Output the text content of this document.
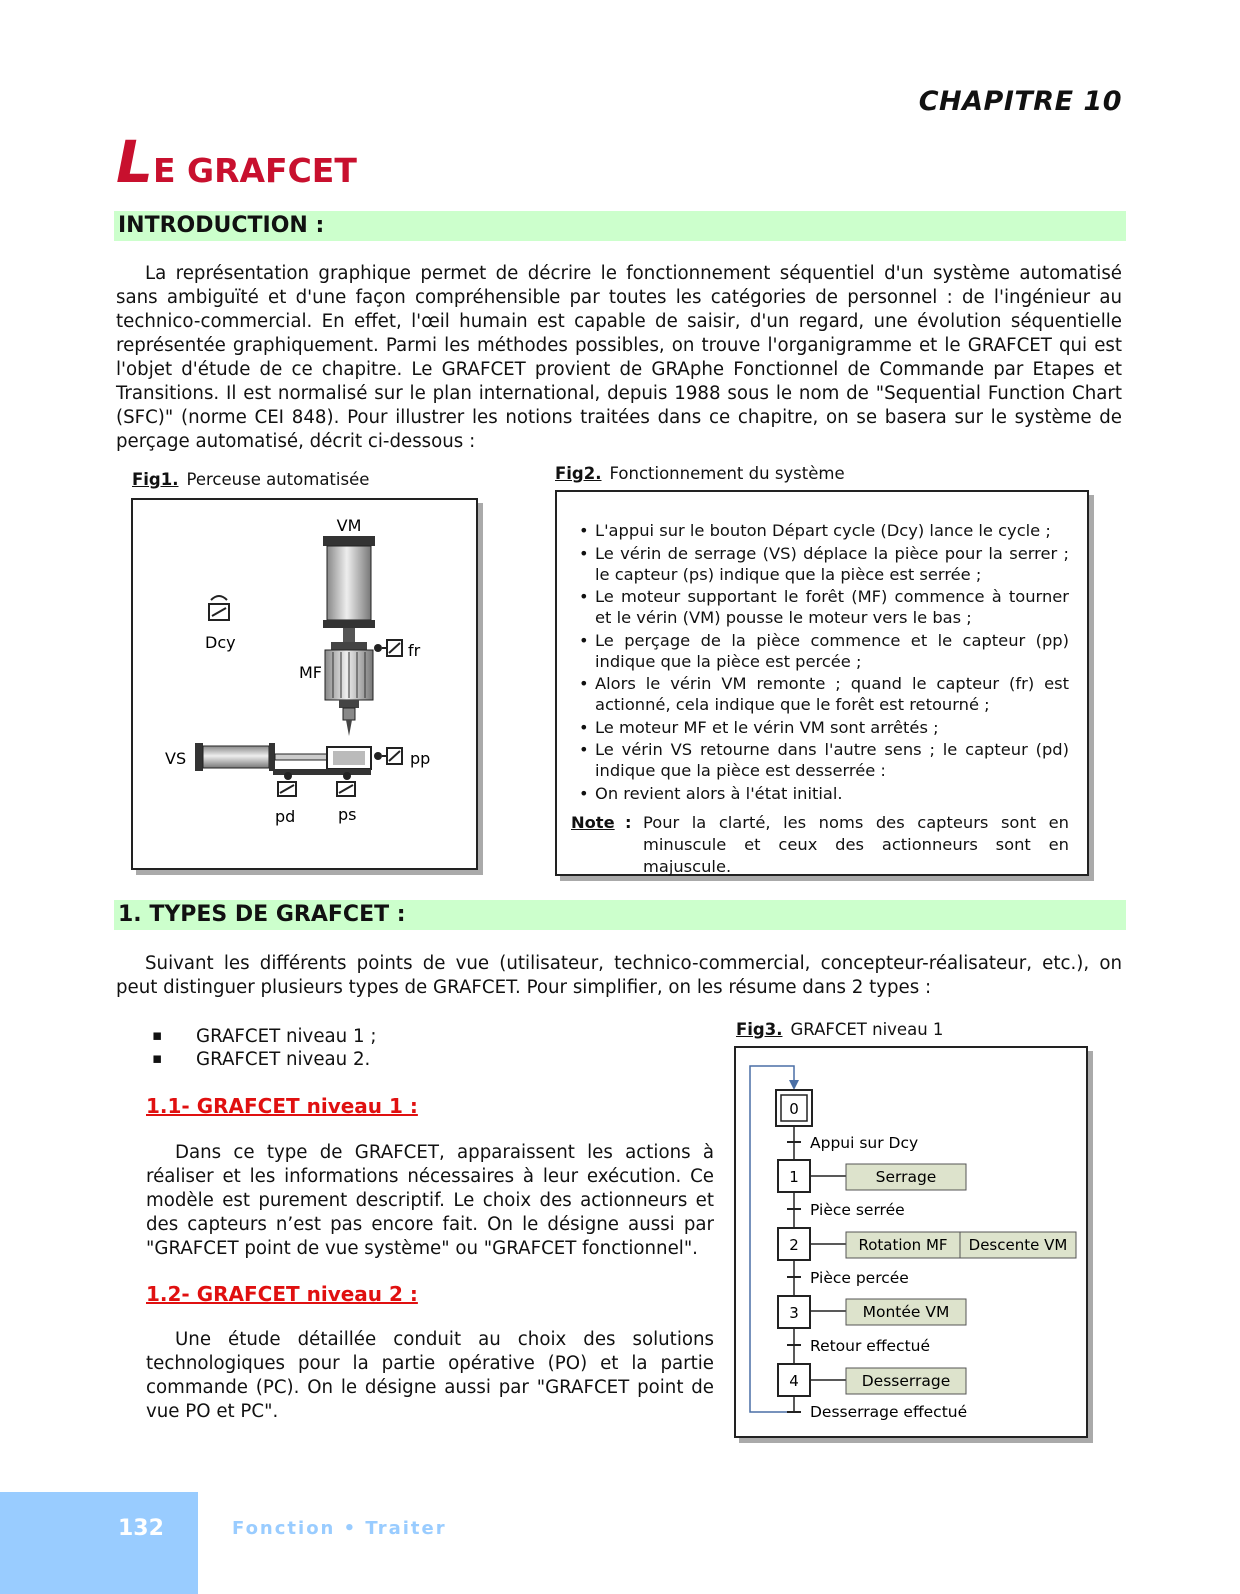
CHAPITRE 10
LE GRAFCET
INTRODUCTION :
La représentation graphique permet de décrire le fonctionnement séquentiel d'un système automatisé sans ambiguïté et d'une façon compréhensible par toutes les catégories de personnel : de l'ingénieur au technico-commercial. En effet, l'œil humain est capable de saisir, d'un regard, une évolution séquentielle représentée graphiquement. Parmi les méthodes possibles, on trouve l'organigramme et le GRAFCET qui est l'objet d'étude de ce chapitre. Le GRAFCET provient de GRAphe Fonctionnel de Commande par Etapes et Transitions. Il est normalisé sur le plan international, depuis 1988 sous le nom de "Sequential Function Chart (SFC)" (norme CEI 848). Pour illustrer les notions traitées dans ce chapitre, on se basera sur le système de perçage automatisé, décrit ci-dessous :
Fig1. Perceuse automatisée
VM
MF
fr
Dcy
VS	pp
pd	ps
Fig2. Fonctionnement du système
• L'appui sur le bouton Départ cycle (Dcy) lance le cycle ;
• Le vérin de serrage (VS) déplace la pièce pour la serrer ; le capteur (ps) indique que la pièce est serrée ;
• Le moteur supportant le forêt (MF) commence à tourner et le vérin (VM) pousse le moteur vers le bas ;
• Le perçage de la pièce commence et le capteur (pp) indique que la pièce est percée ;
• Alors le vérin VM remonte ; quand le capteur (fr) est actionné, cela indique que le forêt est retourné ;
• Le moteur MF et le vérin VM sont arrêtés ;
• Le vérin VS retourne dans l'autre sens ; le capteur (pd) indique que la pièce est desserrée :
• On revient alors à l'état initial.
Note : Pour la clarté, les noms des capteurs sont en minuscule et ceux des actionneurs sont en majuscule.
1. TYPES DE GRAFCET :
Suivant les différents points de vue (utilisateur, technico-commercial, concepteur-réalisateur, etc.), on peut distinguer plusieurs types de GRAFCET. Pour simplifier, on les résume dans 2 types :
▪ GRAFCET niveau 1 ;
▪ GRAFCET niveau 2.
1.1- GRAFCET niveau 1 :
Dans ce type de GRAFCET, apparaissent les actions à réaliser et les informations nécessaires à leur exécution. Ce modèle est purement descriptif. Le choix des actionneurs et des capteurs n’est pas encore fait. On le désigne aussi par "GRAFCET point de vue système" ou "GRAFCET fonctionnel".
1.2- GRAFCET niveau 2 :
Une étude détaillée conduit au choix des solutions technologiques pour la partie opérative (PO) et la partie commande (PC). On le désigne aussi par "GRAFCET point de vue PO et PC".
Fig3. GRAFCET niveau 1
0
Appui sur Dcy
1	Serrage
Pièce serrée
2	Rotation MF Descente VM
Pièce percée
3	Montée VM
Retour effectué
4	Desserrage
Desserrage effectué
132	Fonction • Traiter
